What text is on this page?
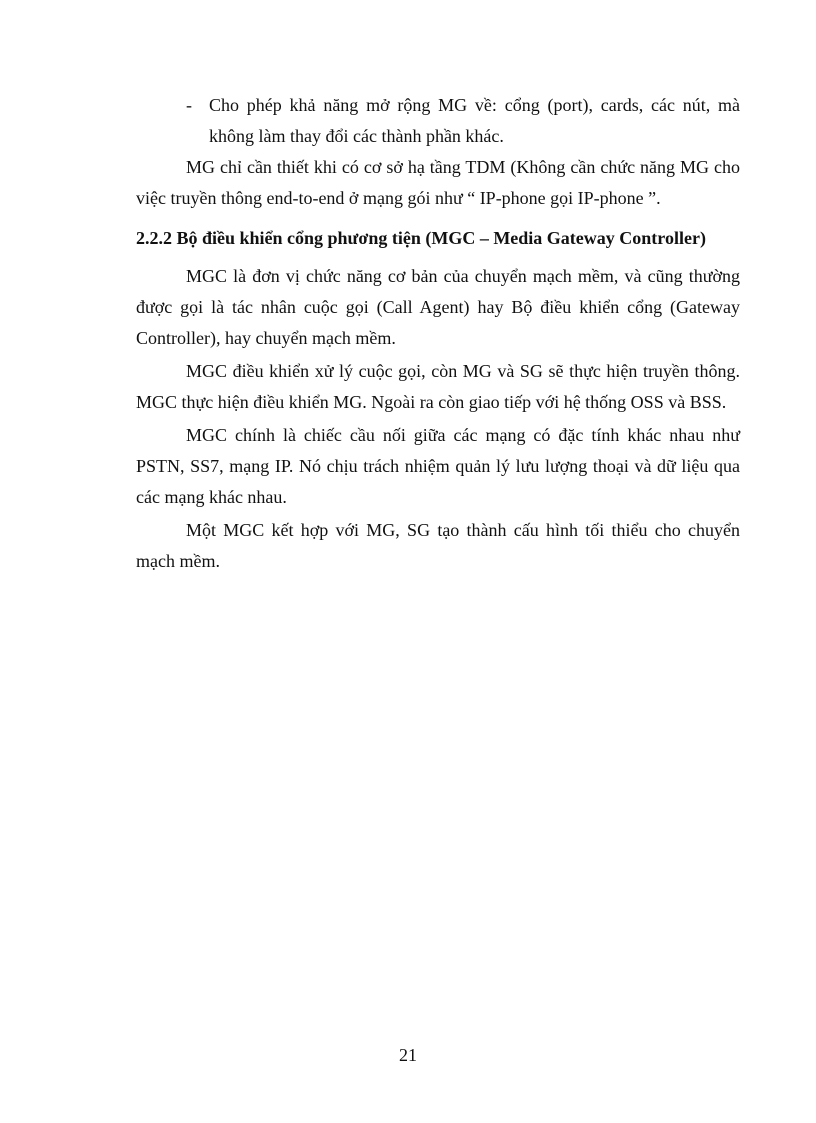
- Cho phép khả năng mở rộng MG về: cổng (port), cards, các nút, mà không làm thay đổi các thành phần khác.

MG chỉ cần thiết khi có cơ sở hạ tầng TDM (Không cần chức năng MG cho việc truyền thông end-to-end ở mạng gói như “ IP-phone gọi IP-phone ”.

2.2.2 Bộ điều khiển cổng phương tiện (MGC – Media Gateway Controller)

MGC là đơn vị chức năng cơ bản của chuyển mạch mềm, và cũng thường được gọi là tác nhân cuộc gọi (Call Agent) hay Bộ điều khiển cổng (Gateway Controller), hay chuyển mạch mềm.

MGC điều khiển xử lý cuộc gọi, còn MG và SG sẽ thực hiện truyền thông. MGC thực hiện điều khiển MG. Ngoài ra còn giao tiếp với hệ thống OSS và BSS.

MGC chính là chiếc cầu nối giữa các mạng có đặc tính khác nhau như PSTN, SS7, mạng IP. Nó chịu trách nhiệm quản lý lưu lượng thoại và dữ liệu qua các mạng khác nhau.

Một MGC kết hợp với MG, SG tạo thành cấu hình tối thiểu cho chuyển mạch mềm.

21
